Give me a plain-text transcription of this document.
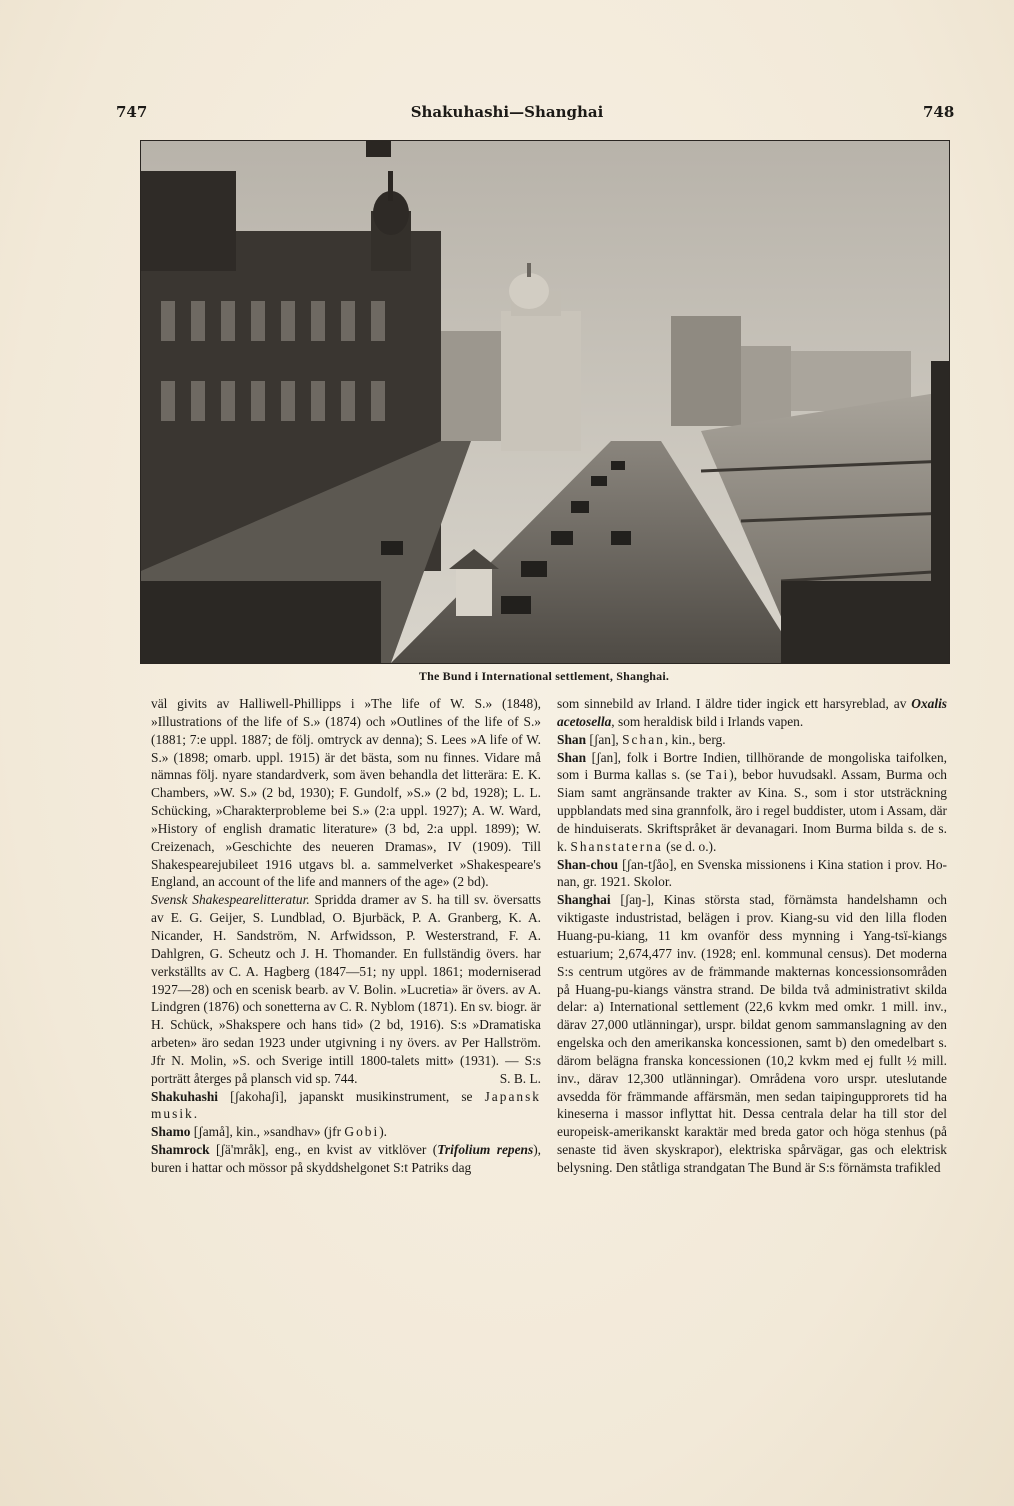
747	Shakuhashi—Shanghai	748
The Bund i International settlement, Shanghai.

väl givits av Halliwell-Phillipps i »The life of W. S.» (1848), »Illustrations of the life of S.» (1874) och »Outlines of the life of S.» (1881; 7:e uppl. 1887; de följ. omtryck av denna); S. Lees »A life of W. S.» (1898; omarb. uppl. 1915) är det bästa, som nu finnes. Vidare må nämnas följ. nyare standardverk, som även behandla det litterära: E. K. Chambers, »W. S.» (2 bd, 1930); F. Gundolf, »S.» (2 bd, 1928); L. L. Schücking, »Charakterprobleme bei S.» (2:a uppl. 1927); A. W. Ward, »History of english dramatic literature» (3 bd, 2:a uppl. 1899); W. Creizenach, »Geschichte des neueren Dramas», IV (1909). Till Shakespearejubileet 1916 utgavs bl. a. sammelverket »Shakespeare's England, an account of the life and manners of the age» (2 bd).

Svensk Shakespearelitteratur. Spridda dramer av S. ha till sv. översatts av E. G. Geijer, S. Lundblad, O. Bjurbäck, P. A. Granberg, K. A. Nicander, H. Sandström, N. Arfwidsson, P. Westerstrand, F. A. Dahlgren, G. Scheutz och J. H. Thomander. En fullständig övers. har verkställts av C. A. Hagberg (1847—51; ny uppl. 1861; moderniserad 1927—28) och en scenisk bearb. av V. Bolin. »Lucretia» är övers. av A. Lindgren (1876) och sonetterna av C. R. Nyblom (1871). En sv. biogr. är H. Schück, »Shakspere och hans tid» (2 bd, 1916). S:s »Dramatiska arbeten» äro sedan 1923 under utgivning i ny övers. av Per Hallström. Jfr N. Molin, »S. och Sverige intill 1800-talets mitt» (1931). — S:s porträtt återges på plansch vid sp. 744.	S. B. L.

Shakuhashi [ʃakohaʃi], japanskt musikinstrument, se Japansk musik.

Shamo [ʃamå], kin., »sandhav» (jfr Gobi).

Shamrock [ʃä'mråk], eng., en kvist av vitklöver (Trifolium repens), buren i hattar och mössor på skyddshelgonet S:t Patriks dag

som sinnebild av Irland. I äldre tider ingick ett harsyreblad, av Oxalis acetosella, som heraldisk bild i Irlands vapen.

Shan [ʃan], Schan, kin., berg.

Shan [ʃan], folk i Bortre Indien, tillhörande de mongoliska taifolken, som i Burma kallas s. (se Tai), bebor huvudsakl. Assam, Burma och Siam samt angränsande trakter av Kina. S., som i stor utsträckning uppblandats med sina grannfolk, äro i regel buddister, utom i Assam, där de hinduiserats. Skriftspråket är devanagari. Inom Burma bilda s. de s. k. Shanstaterna (se d. o.).

Shan-chou [ʃan-tʃåo], en Svenska missionens i Kina station i prov. Ho-nan, gr. 1921. Skolor.

Shanghai [ʃaŋ-], Kinas största stad, förnämsta handelshamn och viktigaste industristad, belägen i prov. Kiang-su vid den lilla floden Huang-pu-kiang, 11 km ovanför dess mynning i Yang-tsï-kiangs estuarium; 2,674,477 inv. (1928; enl. kommunal census). Det moderna S:s centrum utgöres av de främmande makternas koncessionsområden på Huang-pu-kiangs vänstra strand. De bilda två administrativt skilda delar: a) International settlement (22,6 kvkm med omkr. 1 mill. inv., därav 27,000 utlänningar), urspr. bildat genom sammanslagning av den engelska och den amerikanska koncessionen, samt b) den omedelbart s. därom belägna franska koncessionen (10,2 kvkm med ej fullt ½ mill. inv., därav 12,300 utlänningar). Områdena voro urspr. uteslutande avsedda för främmande affärsmän, men sedan taipingupprorets tid ha kineserna i massor inflyttat hit. Dessa centrala delar ha till stor del europeisk-amerikanskt karaktär med breda gator och höga stenhus (på senaste tid även skyskrapor), elektriska spårvägar, gas och elektrisk belysning. Den ståtliga strandgatan The Bund är S:s förnämsta trafikled
